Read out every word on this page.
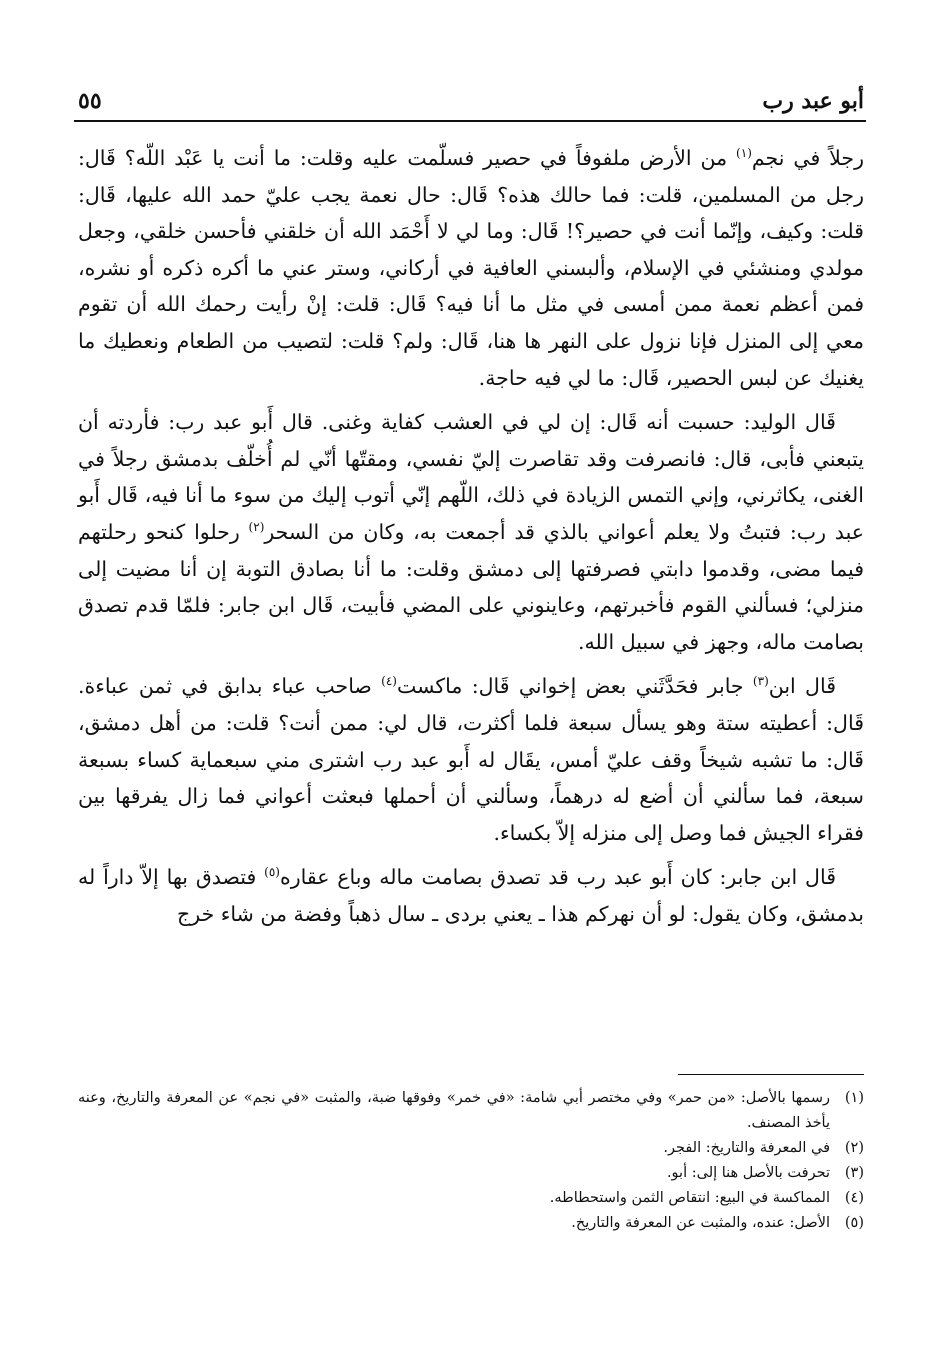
أبو عبد رب
٥٥

رجلاً في نجم$^{(١)}$ من الأرض ملفوفاً في حصير فسلّمت عليه وقلت: ما أنت يا عَبْد اللّه؟ قَال: رجل من المسلمين، قلت: فما حالك هذه؟ قَال: حال نعمة يجب عليّ حمد الله عليها، قَال: قلت: وكيف، وإنّما أنت في حصير؟! قَال: وما لي لا أَحْمَد الله أن خلقني فأحسن خلقي، وجعل مولدي ومنشئي في الإسلام، وألبسني العافية في أركاني، وستر عني ما أكره ذكره أو نشره، فمن أعظم نعمة ممن أمسى في مثل ما أنا فيه؟ قَال: قلت: إنْ رأيت رحمك الله أن تقوم معي إلى المنزل فإنا نزول على النهر ها هنا، قَال: ولم؟ قلت: لتصيب من الطعام ونعطيك ما يغنيك عن لبس الحصير، قَال: ما لي فيه حاجة.

قَال الوليد: حسبت أنه قَال: إن لي في العشب كفاية وغنى. قال أَبو عبد رب: فأردته أن يتبعني فأبى، قال: فانصرفت وقد تقاصرت إليّ نفسي، ومقتّها أنّي لم أُخلّف بدمشق رجلاً في الغنى، يكاثرني، وإني التمس الزيادة في ذلك، اللّهم إنّي أتوب إليك من سوء ما أنا فيه، قَال أَبو عبد رب: فتبتُ ولا يعلم أعواني بالذي قد أجمعت به، وكان من السحر$^{(٢)}$ رحلوا كنحو رحلتهم فيما مضى، وقدموا دابتي فصرفتها إلى دمشق وقلت: ما أنا بصادق التوبة إن أنا مضيت إلى منزلي؛ فسألني القوم فأخبرتهم، وعاينوني على المضي فأبيت، قَال ابن جابر: فلمّا قدم تصدق بصامت ماله، وجهز في سبيل الله.

قَال ابن$^{(٣)}$ جابر فحَدَّثَني بعض إخواني قَال: ماكست$^{(٤)}$ صاحب عباء بدابق في ثمن عباءة. قَال: أعطيته ستة وهو يسأل سبعة فلما أكثرت، قال لي: ممن أنت؟ قلت: من أهل دمشق، قَال: ما تشبه شيخاً وقف عليّ أمس، يقَال له أَبو عبد رب اشترى مني سبعماية كساء بسبعة سبعة، فما سألني أن أضع له درهماً، وسألني أن أحملها فبعثت أعواني فما زال يفرقها بين فقراء الجيش فما وصل إلى منزله إلاّ بكساء.

قَال ابن جابر: كان أَبو عبد رب قد تصدق بصامت ماله وباع عقاره$^{(٥)}$ فتصدق بها إلاّ داراً له بدمشق، وكان يقول: لو أن نهركم هذا ـ يعني بردى ـ سال ذهباً وفضة من شاء خرج

(١)
رسمها بالأصل: «من حمر» وفي مختصر أبي شامة: «في خمر» وفوقها ضبة، والمثبت «في نجم» عن المعرفة والتاريخ، وعنه يأخذ المصنف.
(٢)
في المعرفة والتاريخ: الفجر.
(٣)
تحرفت بالأصل هنا إلى: أبو.
(٤)
المماكسة في البيع: انتقاص الثمن واستحطاطه.
(٥)
الأصل: عنده، والمثبت عن المعرفة والتاريخ.
